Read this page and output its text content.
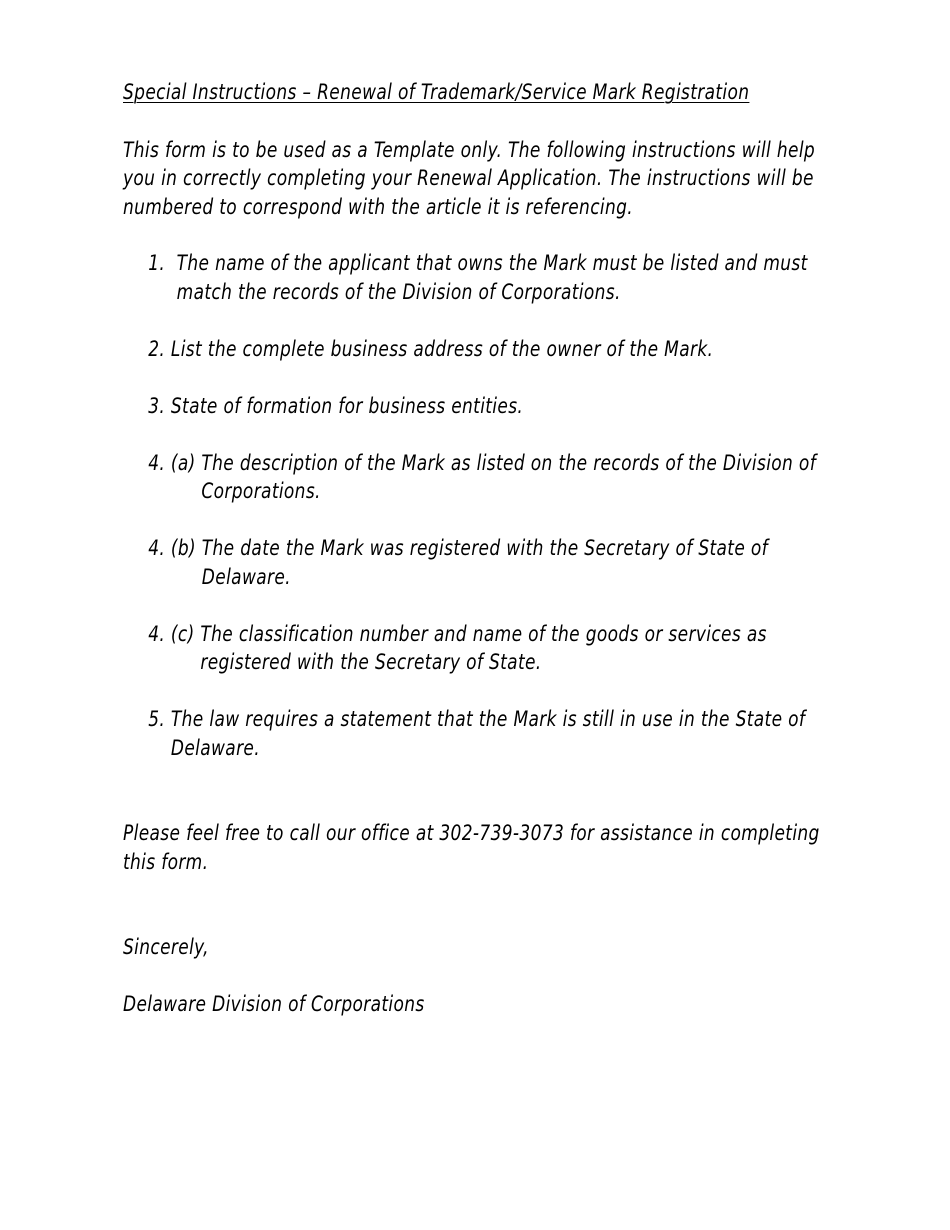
Special Instructions – Renewal of Trademark/Service Mark Registration

This form is to be used as a Template only. The following instructions will help you in correctly completing your Renewal Application. The instructions will be numbered to correspond with the article it is referencing.

1. The name of the applicant that owns the Mark must be listed and must match the records of the Division of Corporations.
2. List the complete business address of the owner of the Mark.
3. State of formation for business entities.
4. (a) The description of the Mark as listed on the records of the Division of Corporations.
4. (b) The date the Mark was registered with the Secretary of State of Delaware.
4. (c) The classification number and name of the goods or services as registered with the Secretary of State.
5. The law requires a statement that the Mark is still in use in the State of Delaware.

Please feel free to call our office at 302-739-3073 for assistance in completing this form.

Sincerely,

Delaware Division of Corporations
